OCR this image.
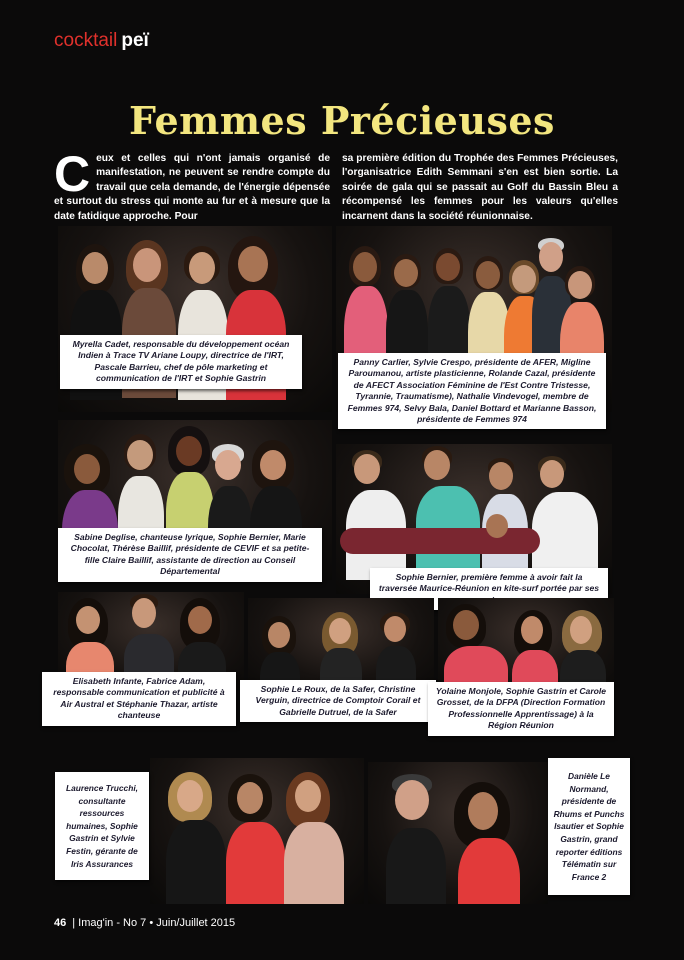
cocktail peï
Femmes Précieuses
Ceux et celles qui n'ont jamais organisé de manifestation, ne peuvent se rendre compte du travail que cela demande, de l'énergie dépensée et surtout du stress qui monte au fur et à mesure que la date fatidique approche. Pour
sa première édition du Trophée des Femmes Précieuses, l'organisatrice Edith Semmani s'en est bien sortie. La soirée de gala qui se passait au Golf du Bassin Bleu a récompensé les femmes pour les valeurs qu'elles incarnent dans la société réunionnaise.
Myrella Cadet, responsable du développement océan Indien à Trace TV Ariane Loupy, directrice de l'IRT, Pascale Barrieu, chef de pôle marketing et communication de l'IRT et Sophie Gastrin
Panny Carlier, Sylvie Crespo, présidente de AFER, Migline Paroumanou, artiste plasticienne, Rolande Cazal, présidente de AFECT Association Féminine de l'Est Contre Tristesse, Tyrannie, Traumatisme), Nathalie Vindevogel, membre de Femmes 974, Selvy Bala, Daniel Bottard et Marianne Basson, présidente de Femmes 974
Sabine Deglise, chanteuse lyrique, Sophie Bernier, Marie Chocolat, Thérèse Baillif, présidente de CEVIF et sa petite-fille Claire Baillif, assistante de direction au Conseil Départemental
Sophie Bernier, première femme à avoir fait la traversée Maurice-Réunion en kite-surf portée par ses
Elisabeth Infante, Fabrice Adam, responsable communication et publicité à Air Austral et Stéphanie Thazar, artiste chanteuse
Sophie Le Roux, de la Safer, Christine Verguin, directrice de Comptoir Corail et Gabrielle Dutruel, de la Safer
Yolaine Monjole, Sophie Gastrin et Carole Grosset, de la DFPA (Direction Formation Professionnelle Apprentissage) à la Région Réunion
Laurence Trucchi, consultante ressources humaines, Sophie Gastrin et Sylvie Festin, gérante de Iris Assurances
Danièle Le Normand, présidente de Rhums et Punchs Isautier et Sophie Gastrin, grand reporter éditions Télématin sur France 2
46 | Imag'in - No 7 • Juin/Juillet 2015
